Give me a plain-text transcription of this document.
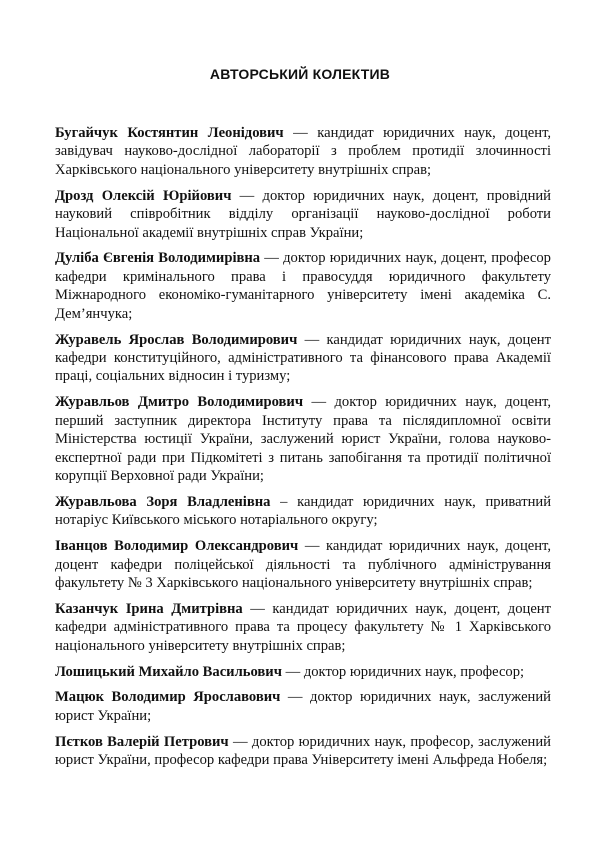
АВТОРСЬКИЙ КОЛЕКТИВ

Бугайчук Костянтин Леонідович — кандидат юридичних наук, доцент, завідувач науково-дослідної лабораторії з проблем протидії злочинності Харківського національного університету внутрішніх справ;

Дрозд Олексій Юрійович — доктор юридичних наук, доцент, провідний науковий співробітник відділу організації науково-дослідної роботи Національної академії внутрішніх справ України;

Дуліба Євгенія Володимирівна — доктор юридичних наук, доцент, професор кафедри кримінального права і правосуддя юридичного факультету Міжнародного економіко-гуманітарного університету імені академіка С. Дем’янчука;

Журавель Ярослав Володимирович — кандидат юридичних наук, доцент кафедри конституційного, адміністративного та фінансового права Академії праці, соціальних відносин і туризму;

Журавльов Дмитро Володимирович — доктор юридичних наук, доцент, перший заступник директора Інституту права та післядипломної освіти Міністерства юстиції України, заслужений юрист України, голова науково- експертної ради при Підкомітеті з питань запобігання та протидії політичної корупції Верховної ради України;

Журавльова Зоря Владленівна – кандидат юридичних наук, приватний нотаріус Київського міського нотаріального округу;

Іванцов Володимир Олександрович — кандидат юридичних наук, доцент, доцент кафедри поліцейської діяльності та публічного адміністрування факультету № 3 Харківського національного університету внутрішніх справ;

Казанчук Ірина Дмитрівна — кандидат юридичних наук, доцент, доцент кафедри адміністративного права та процесу факультету № 1 Харківського національного університету внутрішніх справ;

Лошицький Михайло Васильович — доктор юридичних наук, професор;

Мацюк Володимир Ярославович — доктор юридичних наук, заслужений юрист України;

Пєтков Валерій Петрович — доктор юридичних наук, професор, заслужений юрист України, професор кафедри права Університету імені Альфреда Нобеля;
